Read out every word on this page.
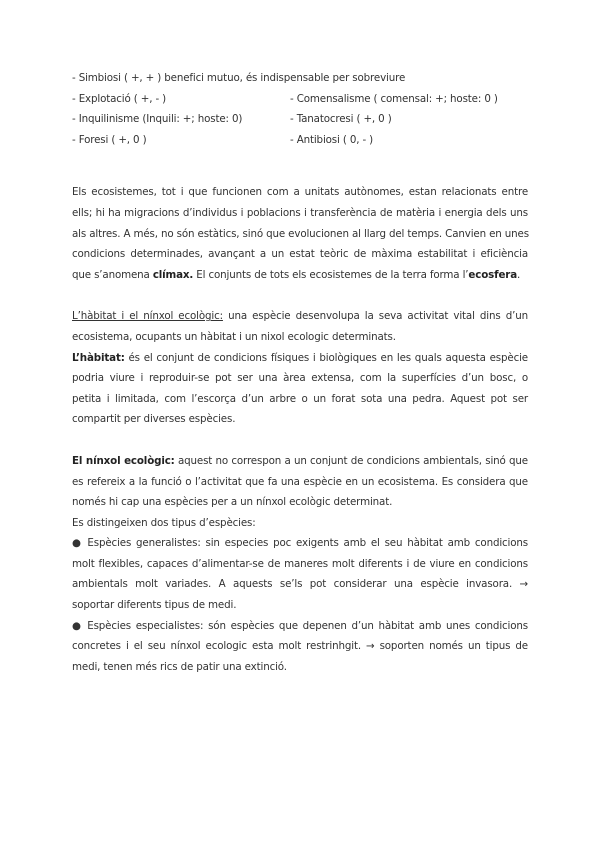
- Simbiosi ( +, + ) benefici mutuo, és indispensable per sobreviure
- Explotació ( +, - )	- Comensalisme ( comensal: +; hoste: 0 )
- Inquilinisme (Inquili: +; hoste: 0)	- Tanatocresi ( +, 0 )
- Foresi ( +, 0 )	- Antibiosi ( 0, - )
Els ecosistemes, tot i que funcionen com a unitats autònomes, estan relacionats entre
ells; hi ha migracions d’individus i poblacions i transferència de matèria i energia dels uns
als altres. A més, no són estàtics, sinó que evolucionen al llarg del temps. Canvien en unes
condicions determinades, avançant a un estat teòric de màxima estabilitat i eficiència
que s’anomena clímax. El conjunts de tots els ecosistemes de la terra forma l’ecosfera.
L’hàbitat i el nínxol ecològic: una espècie desenvolupa la seva activitat vital dins d’un
ecosistema, ocupants un hàbitat i un nixol ecologic determinats.
L’hàbitat: és el conjunt de condicions físiques i biològiques en les quals aquesta espècie
podria viure i reproduir-se pot ser una àrea extensa, com la superfícies d’un bosc, o
petita i limitada, com l’escorça d’un arbre o un forat sota una pedra. Aquest pot ser
compartit per diverses espècies.
El nínxol ecològic: aquest no correspon a un conjunt de condicions ambientals, sinó que
es refereix a la funció o l’activitat que fa una espècie en un ecosistema. Es considera que
només hi cap una espècies per a un nínxol ecològic determinat.
Es distingeixen dos tipus d’espècies:
● Espècies generalistes: sin especies poc exigents amb el seu hàbitat amb condicions
molt flexibles, capaces d’alimentar-se de maneres molt diferents i de viure en condicions
ambientals molt variades. A aquests se’ls pot considerar una espècie invasora. →
soportar diferents tipus de medi.
● Espècies especialistes: són espècies que depenen d’un hàbitat amb unes condicions
concretes i el seu nínxol ecologic esta molt restrinhgit. → soporten només un tipus de
medi, tenen més rics de patir una extinció.
